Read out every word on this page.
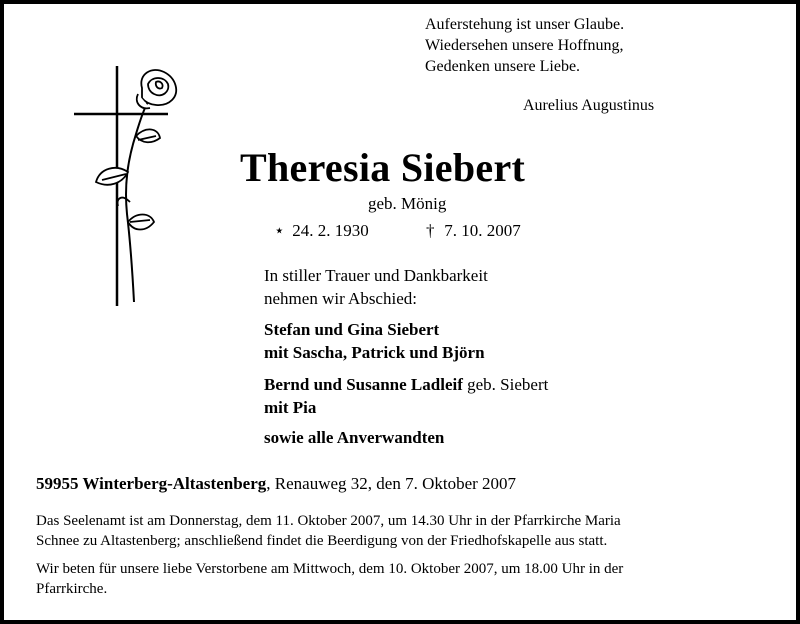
Auferstehung ist unser Glaube.
Wiedersehen unsere Hoffnung,
Gedenken unsere Liebe.
Aurelius Augustinus
Theresia Siebert
geb. Mönig
⋆ 24. 2. 1930	† 7. 10. 2007
In stiller Trauer und Dankbarkeit
nehmen wir Abschied:
Stefan und Gina Siebert
mit Sascha, Patrick und Björn
Bernd und Susanne Ladleif geb. Siebert
mit Pia
sowie alle Anverwandten
59955 Winterberg-Altastenberg, Renauweg 32, den 7. Oktober 2007
Das Seelenamt ist am Donnerstag, dem 11. Oktober 2007, um 14.30 Uhr in der Pfarrkirche Maria
Schnee zu Altastenberg; anschließend findet die Beerdigung von der Friedhofskapelle aus statt.
Wir beten für unsere liebe Verstorbene am Mittwoch, dem 10. Oktober 2007, um 18.00 Uhr in der
Pfarrkirche.
